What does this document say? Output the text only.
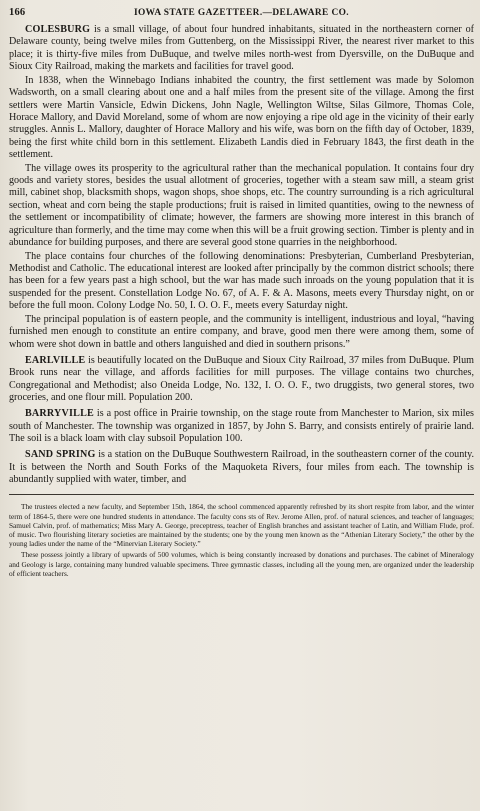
166	IOWA STATE GAZETTEER.—DELAWARE CO.

COLESBURG is a small village, of about four hundred inhabitants, situated in the northeastern corner of Delaware county, being twelve miles from Guttenberg, on the Mississippi River, the nearest river market to this place; it is thirty-five miles from DuBuque, and twelve miles north-west from Dyersville, on the DuBuque and Sioux City Railroad, making the markets and facilities for travel good.

In 1838, when the Winnebago Indians inhabited the country, the first settlement was made by Solomon Wadsworth, on a small clearing about one and a half miles from the present site of the village. Among the first settlers were Martin Vansicle, Edwin Dickens, John Nagle, Wellington Wiltse, Silas Gilmore, Thomas Cole, Horace Mallory, and David Moreland, some of whom are now enjoying a ripe old age in the vicinity of their early struggles. Annis L. Mallory, daughter of Horace Mallory and his wife, was born on the fifth day of October, 1839, being the first white child born in this settlement. Elizabeth Landis died in February 1843, the first death in the settlement.

The village owes its prosperity to the agricultural rather than the mechanical population. It contains four dry goods and variety stores, besides the usual allotment of groceries, together with a steam saw mill, a steam grist mill, cabinet shop, blacksmith shops, wagon shops, shoe shops, etc. The country surrounding is a rich agricultural section, wheat and corn being the staple productions; fruit is raised in limited quantities, owing to the newness of the settlement or incompatibility of climate; however, the farmers are showing more interest in this branch of agriculture than formerly, and the time may come when this will be a fruit growing section. Timber is plenty and in abundance for building purposes, and there are several good stone quarries in the neighborhood.

The place contains four churches of the following denominations: Presbyterian, Cumberland Presbyterian, Methodist and Catholic. The educational interest are looked after principally by the common district schools; there has been for a few years past a high school, but the war has made such inroads on the young population that it is suspended for the present. Constellation Lodge No. 67, of A. F. & A. Masons, meets every Thursday night, on or before the full moon. Colony Lodge No. 50, I. O. O. F., meets every Saturday night.

The principal population is of eastern people, and the community is intelligent, industrious and loyal, “having furnished men enough to constitute an entire company, and brave, good men there were among them, some of whom were shot down in battle and others languished and died in southern prisons.”

EARLVILLE is beautifully located on the DuBuque and Sioux City Railroad, 37 miles from DuBuque. Plum Brook runs near the village, and affords facilities for mill purposes. The village contains two churches, Congregational and Methodist; also Oneida Lodge, No. 132, I. O. O. F., two druggists, two general stores, two groceries, and one flour mill. Population 200.

BARRYVILLE is a post office in Prairie township, on the stage route from Manchester to Marion, six miles south of Manchester. The township was organized in 1857, by John S. Barry, and consists entirely of prairie land. The soil is a black loam with clay subsoil Population 100.

SAND SPRING is a station on the DuBuque Southwestern Railroad, in the southeastern corner of the county. It is between the North and South Forks of the Maquoketa Rivers, four miles from each. The township is abundantly supplied with water, timber, and

The trustees elected a new faculty, and September 15th, 1864, the school commenced apparently refreshed by its short respite from labor, and the winter term of 1864-5, there were one hundred students in attendance. The faculty cons sts of Rev. Jerome Allen, prof. of natural sciences, and teacher of languages; Samuel Calvin, prof. of mathematics; Miss Mary A. George, preceptress, teacher of English branches and assistant teacher of Latin, and William Flude, prof. of music. Two flourishing literary societies are maintained by the students; one by the young men known as the “Athenian Literary Society,” the other by the young ladies under the name of the “Minervian Literary Society.”

These possess jointly a library of upwards of 500 volumes, which is being constantly increased by donations and purchases. The cabinet of Mineralogy and Geology is large, containing many hundred valuable specimens. Three gymnastic classes, including all the young men, are organized under the leadership of efficient teachers.
